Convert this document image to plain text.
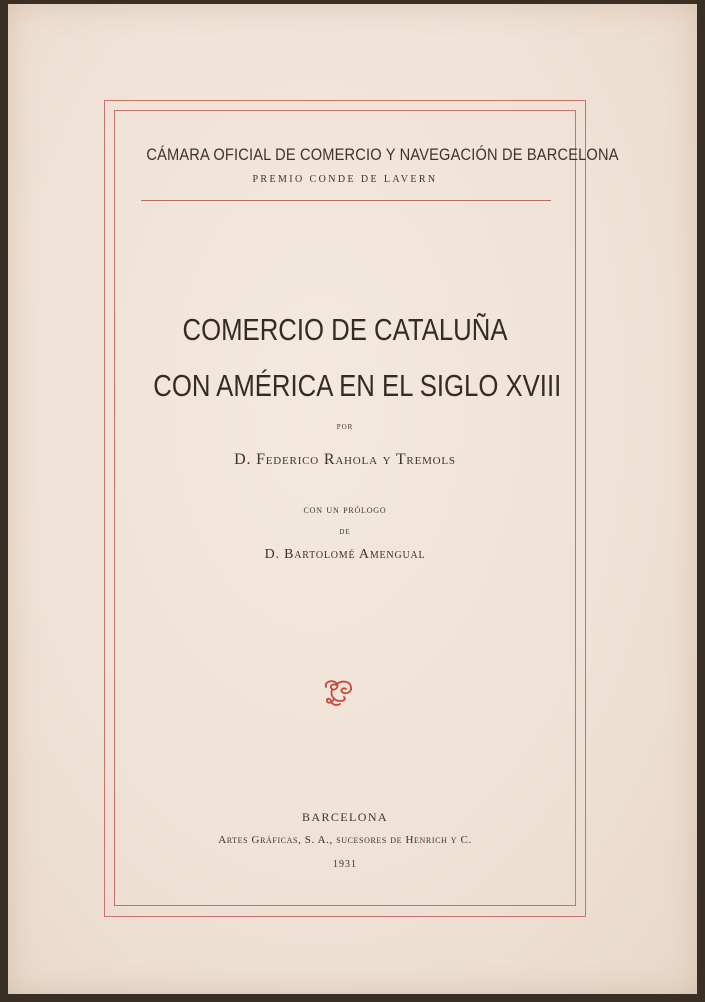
CÁMARA OFICIAL DE COMERCIO Y NAVEGACIÓN DE BARCELONA
PREMIO CONDE DE LAVERN
COMERCIO DE CATALUÑA
CON AMÉRICA EN EL SIGLO XVIII
POR
D. Federico Rahola y Tremols
con un prólogo
DE
D. Bartolomé Amengual
BARCELONA
Artes Gráficas, S. A., sucesores de Henrich y C.
1931
